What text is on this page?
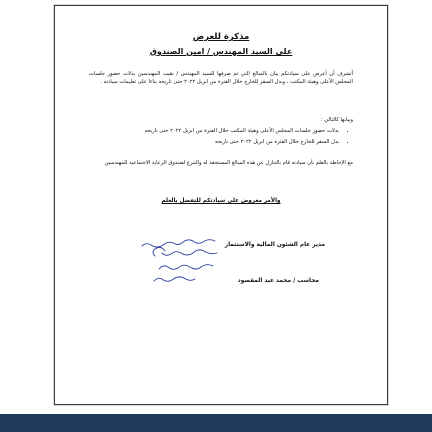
مذكرة للعرض
على السيد المهندس / امين الصندوق
أتشرف أن أعرض على سيادتكم بيان بالمبالغ التي تم صرفها للسيد المهندس / نقيب المهندسين بدلات حضور جلسات المجلس الأعلى وهيئة المكتب ، وبدل السفر للخارج خلال الفترة من ابريل ٢٠٢٢ حتى تاريخه بناءا على تعليمات سيادته .
وبيانها كالتالي :
• بدلات حضور جلسات المجلس الأعلى وهيئة المكتب خلال الفترة من ابريل ٢٠٢٢ حتى تاريخه
• بدل السفر للخارج خلال الفترة من ابريل ٢٠٢٢ حتى تاريخه
مع الإحاطة بالعلم بأن سيادته قام بالتنازل عن هذه المبالغ المستحقة له والتبرع لصندوق الرعاية الاجتماعية للمهندسين
والأمر معروض على سيادتكم للتفضل بالعلم
مدير عام الشئون المالية والاستثمار
محاسب / محمد عبد المقصود
